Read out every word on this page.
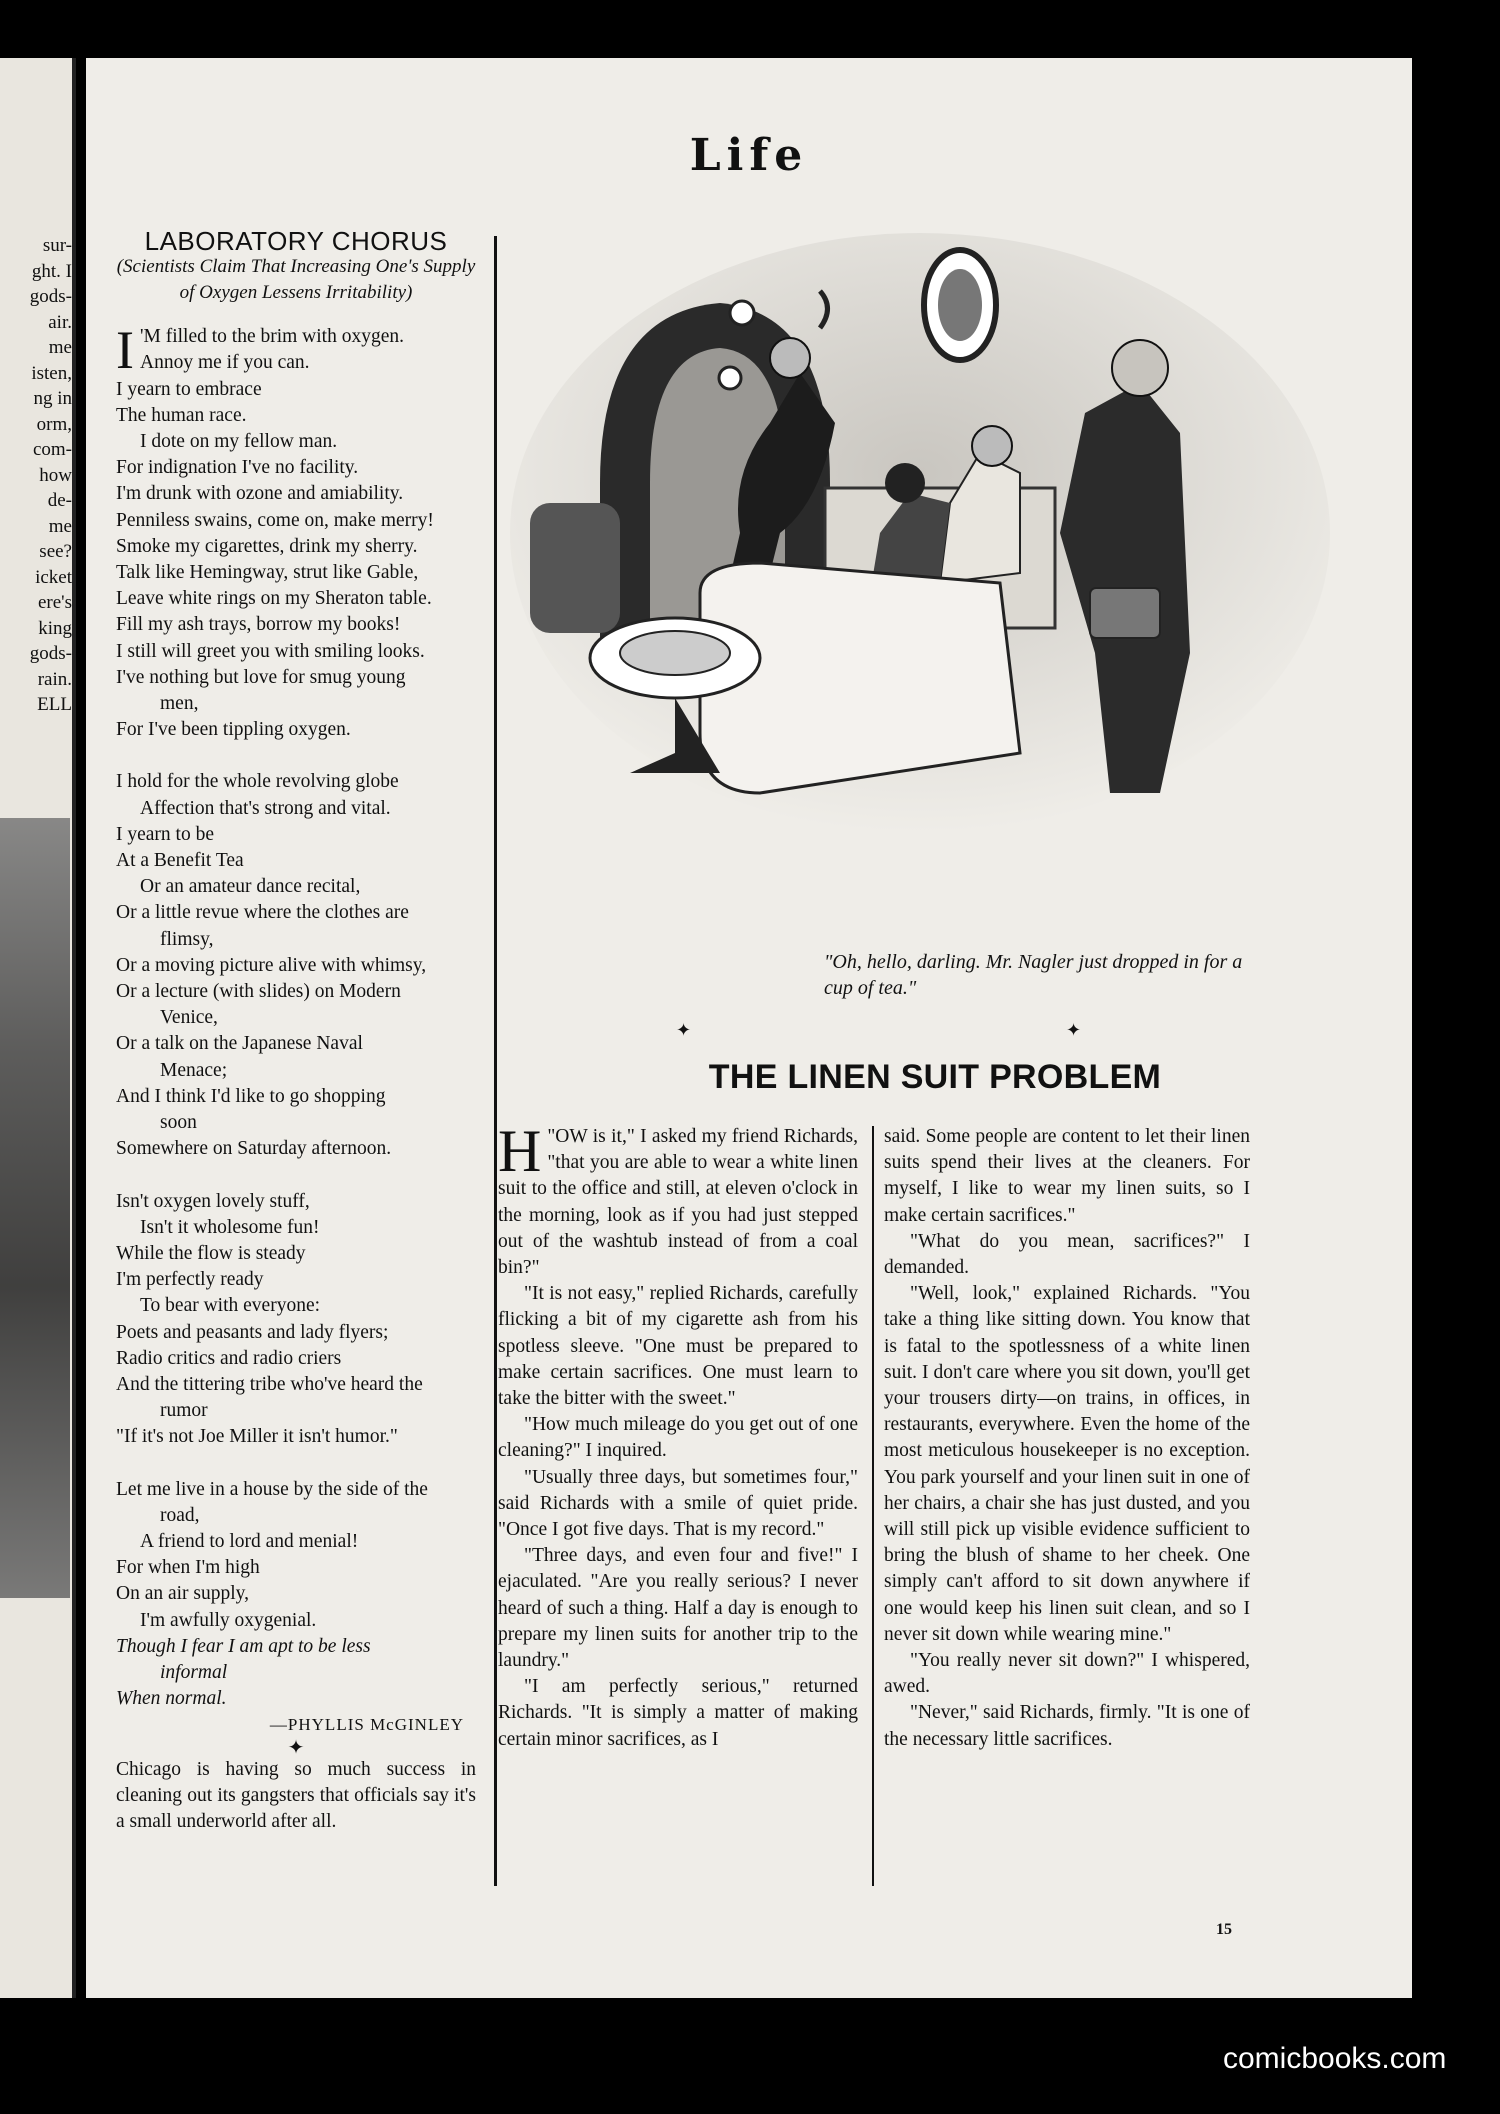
sur-
ght. I
gods-
air.
me
isten,
ng in
orm,
com-
how
de-
me
see?
icket
ere's
king
gods-
rain.
ELL
Life
LABORATORY CHORUS
(Scientists Claim That Increasing One's Supply of Oxygen Lessens Irritability)
I 'M filled to the brim with oxygen.
Annoy me if you can.
I yearn to embrace
The human race.
I dote on my fellow man.
For indignation I've no facility.
I'm drunk with ozone and amiability.
Penniless swains, come on, make merry!
Smoke my cigarettes, drink my sherry.
Talk like Hemingway, strut like Gable,
Leave white rings on my Sheraton table.
Fill my ash trays, borrow my books!
I still will greet you with smiling looks.
I've nothing but love for smug young
men,
For I've been tippling oxygen.
I hold for the whole revolving globe
Affection that's strong and vital.
I yearn to be
At a Benefit Tea
Or an amateur dance recital,
Or a little revue where the clothes are
flimsy,
Or a moving picture alive with whimsy,
Or a lecture (with slides) on Modern
Venice,
Or a talk on the Japanese Naval
Menace;
And I think I'd like to go shopping
soon
Somewhere on Saturday afternoon.
Isn't oxygen lovely stuff,
Isn't it wholesome fun!
While the flow is steady
I'm perfectly ready
To bear with everyone:
Poets and peasants and lady flyers;
Radio critics and radio criers
And the tittering tribe who've heard the
rumor
"If it's not Joe Miller it isn't humor."
Let me live in a house by the side of the
road,
A friend to lord and menial!
For when I'm high
On an air supply,
I'm awfully oxygenial.
Though I fear I am apt to be less
informal
When normal.
—PHYLLIS McGINLEY
✦
Chicago is having so much success in cleaning out its gangsters that officials say it's a small underworld after all.
"Oh, hello, darling. Mr. Nagler just dropped in for a cup of tea."
✦	✦
THE LINEN SUIT PROBLEM

H "OW is it," I asked my friend Richards, "that you are able to wear a white linen suit to the office and still, at eleven o'clock in the morning, look as if you had just stepped out of the washtub instead of from a coal bin?"

"It is not easy," replied Richards, carefully flicking a bit of my cigarette ash from his spotless sleeve. "One must be prepared to make certain sacrifices. One must learn to take the bitter with the sweet."

"How much mileage do you get out of one cleaning?" I inquired.

"Usually three days, but sometimes four," said Richards with a smile of quiet pride. "Once I got five days. That is my record."

"Three days, and even four and five!" I ejaculated. "Are you really serious? I never heard of such a thing. Half a day is enough to prepare my linen suits for another trip to the laundry."

"I am perfectly serious," returned Richards. "It is simply a matter of making certain minor sacrifices, as I

said. Some people are content to let their linen suits spend their lives at the cleaners. For myself, I like to wear my linen suits, so I make certain sacrifices."

"What do you mean, sacrifices?" I demanded.

"Well, look," explained Richards. "You take a thing like sitting down. You know that is fatal to the spotlessness of a white linen suit. I don't care where you sit down, you'll get your trousers dirty—on trains, in offices, in restaurants, everywhere. Even the home of the most meticulous housekeeper is no exception. You park yourself and your linen suit in one of her chairs, a chair she has just dusted, and you will still pick up visible evidence sufficient to bring the blush of shame to her cheek. One simply can't afford to sit down anywhere if one would keep his linen suit clean, and so I never sit down while wearing mine."

"You really never sit down?" I whispered, awed.

"Never," said Richards, firmly. "It is one of the necessary little sacrifices.

15
comicbooks.com
